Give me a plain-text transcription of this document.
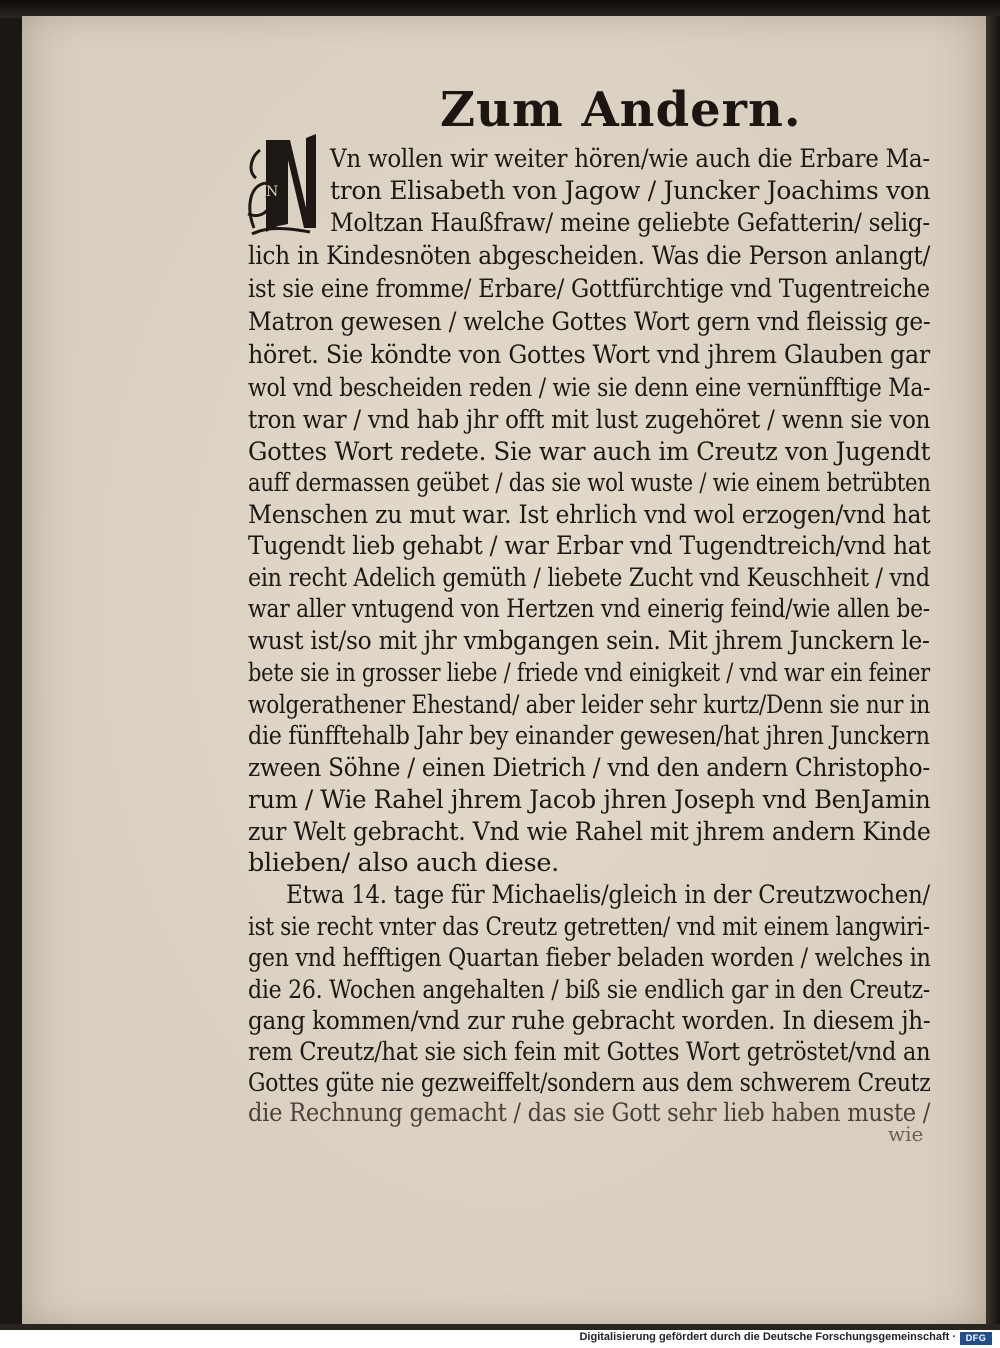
Zum Andern.
N
Vn wollen wir weiter hören/wie auch die Erbare Ma-
tron Elisabeth von Jagow / Juncker Joachims von
Moltzan Haußfraw/ meine geliebte Gefatterin/ selig-
lich in Kindesnöten abgescheiden. Was die Person anlangt/
ist sie eine fromme/ Erbare/ Gottfürchtige vnd Tugentreiche
Matron gewesen / welche Gottes Wort gern vnd fleissig ge-
höret. Sie köndte von Gottes Wort vnd jhrem Glauben gar
wol vnd bescheiden reden / wie sie denn eine vernünfftige Ma-
tron war / vnd hab jhr offt mit lust zugehöret / wenn sie von
Gottes Wort redete. Sie war auch im Creutz von Jugendt
auff dermassen geübet / das sie wol wuste / wie einem betrübten
Menschen zu mut war. Ist ehrlich vnd wol erzogen/vnd hat
Tugendt lieb gehabt / war Erbar vnd Tugendtreich/vnd hat
ein recht Adelich gemüth / liebete Zucht vnd Keuschheit / vnd
war aller vntugend von Hertzen vnd einerig feind/wie allen be-
wust ist/so mit jhr vmbgangen sein. Mit jhrem Junckern le-
bete sie in grosser liebe / friede vnd einigkeit / vnd war ein feiner
wolgerathener Ehestand/ aber leider sehr kurtz/Denn sie nur in
die fünfftehalb Jahr bey einander gewesen/hat jhren Junckern
zween Söhne / einen Dietrich / vnd den andern Christopho-
rum / Wie Rahel jhrem Jacob jhren Joseph vnd BenJamin
zur Welt gebracht. Vnd wie Rahel mit jhrem andern Kinde
blieben/ also auch diese.
Etwa 14. tage für Michaelis/gleich in der Creutzwochen/
ist sie recht vnter das Creutz getretten/ vnd mit einem langwiri-
gen vnd hefftigen Quartan fieber beladen worden / welches in
die 26. Wochen angehalten / biß sie endlich gar in den Creutz-
gang kommen/vnd zur ruhe gebracht worden. In diesem jh-
rem Creutz/hat sie sich fein mit Gottes Wort getröstet/vnd an
Gottes güte nie gezweiffelt/sondern aus dem schwerem Creutz
die Rechnung gemacht / das sie Gott sehr lieb haben muste /
wie
Digitalisierung gefördert durch die Deutsche Forschungsgemeinschaft ·	DFG
